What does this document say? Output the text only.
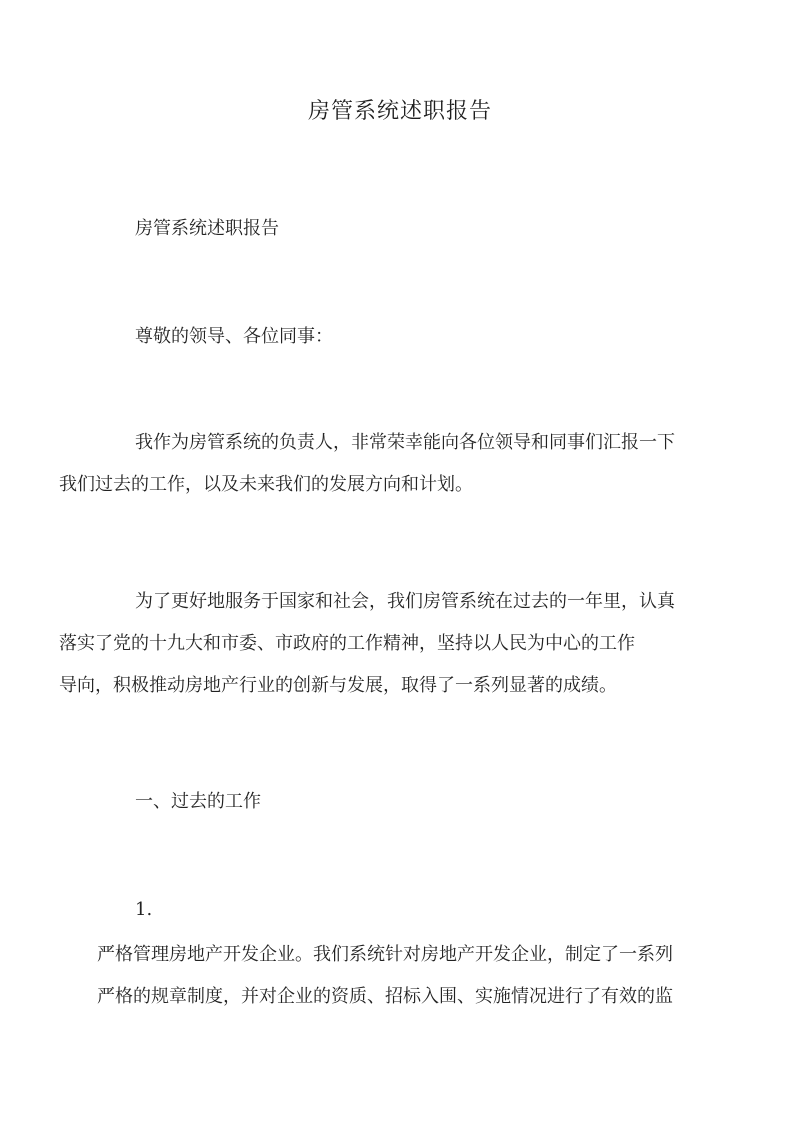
房管系统述职报告

房管系统述职报告

尊敬的领导、各位同事：

我作为房管系统的负责人，非常荣幸能向各位领导和同事们汇报一下
我们过去的工作，以及未来我们的发展方向和计划。

为了更好地服务于国家和社会，我们房管系统在过去的一年里，认真
落实了党的十九大和市委、市政府的工作精神，坚持以人民为中心的工作
导向，积极推动房地产行业的创新与发展，取得了一系列显著的成绩。

一、过去的工作

1.

严格管理房地产开发企业。我们系统针对房地产开发企业，制定了一系列
严格的规章制度，并对企业的资质、招标入围、实施情况进行了有效的监
